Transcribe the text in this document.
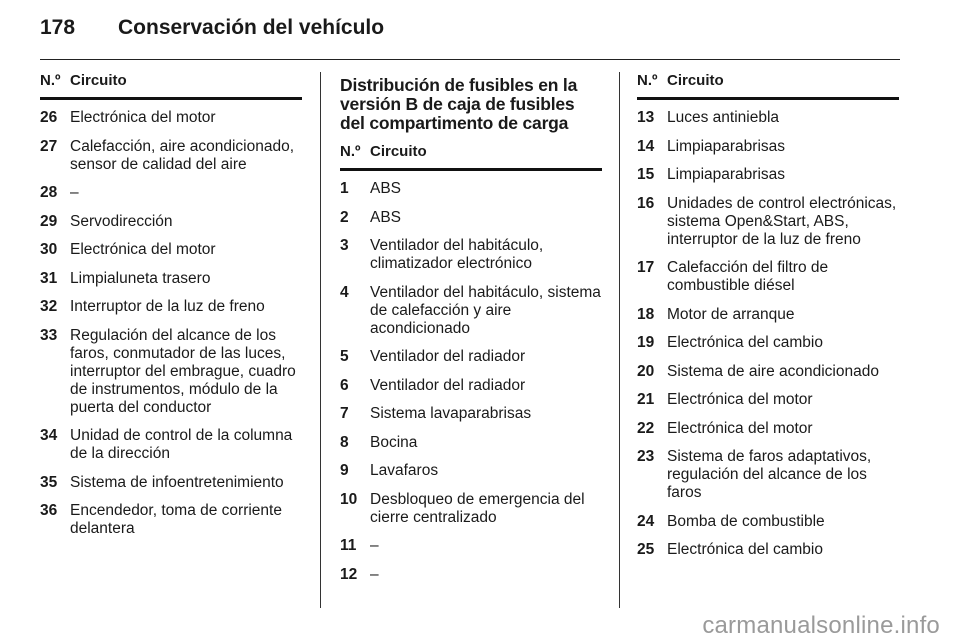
178	Conservación del vehículo
N.º Circuito
26 Electrónica del motor
27 Calefacción, aire acondicionado, sensor de calidad del aire
28 –
29 Servodirección
30 Electrónica del motor
31 Limpialuneta trasero
32 Interruptor de la luz de freno
33 Regulación del alcance de los faros, conmutador de las luces, interruptor del embrague, cuadro de instrumentos, módulo de la puerta del conductor
34 Unidad de control de la columna de la dirección
35 Sistema de infoentretenimiento
36 Encendedor, toma de corriente delantera
Distribución de fusibles en la versión B de caja de fusibles del compartimento de carga
N.º Circuito
1	ABS
2	ABS
3	Ventilador del habitáculo, climatizador electrónico
4	Ventilador del habitáculo, sistema de calefacción y aire acondicionado
5	Ventilador del radiador
6	Ventilador del radiador
7	Sistema lavaparabrisas
8	Bocina
9	Lavafaros
10 Desbloqueo de emergencia del cierre centralizado
11 –
12 –
N.º Circuito
13 Luces antiniebla
14 Limpiaparabrisas
15 Limpiaparabrisas
16 Unidades de control electrónicas, sistema Open&Start, ABS, interruptor de la luz de freno
17 Calefacción del filtro de combustible diésel
18 Motor de arranque
19 Electrónica del cambio
20 Sistema de aire acondicionado
21 Electrónica del motor
22 Electrónica del motor
23 Sistema de faros adaptativos, regulación del alcance de los faros
24 Bomba de combustible
25 Electrónica del cambio
carmanualsonline.info
